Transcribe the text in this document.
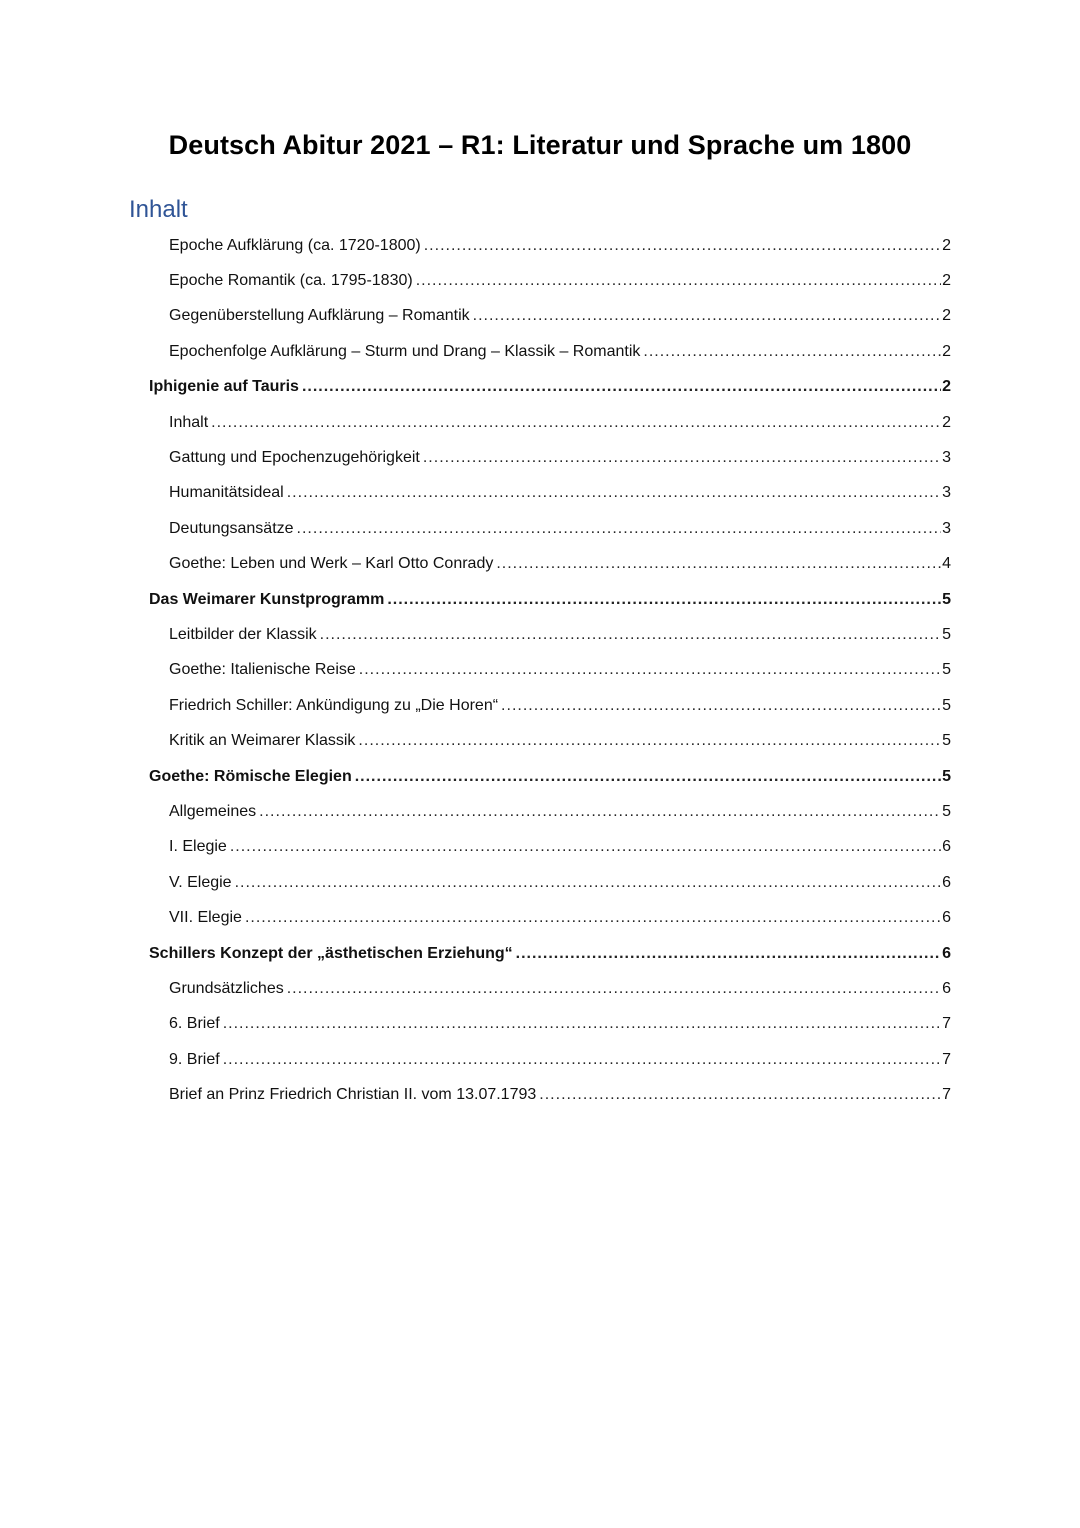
Deutsch Abitur 2021 – R1: Literatur und Sprache um 1800
Inhalt
Epoche Aufklärung (ca. 1720-1800) .....	2
Epoche Romantik (ca. 1795-1830) .....	2
Gegenüberstellung Aufklärung – Romantik .....	2
Epochenfolge Aufklärung – Sturm und Drang – Klassik – Romantik .....	2
Iphigenie auf Tauris .....	2
Inhalt .....	2
Gattung und Epochenzugehörigkeit .....	3
Humanitätsideal .....	3
Deutungsansätze .....	3
Goethe: Leben und Werk – Karl Otto Conrady .....	4
Das Weimarer Kunstprogramm .....	5
Leitbilder der Klassik .....	5
Goethe: Italienische Reise .....	5
Friedrich Schiller: Ankündigung zu „Die Horen“ .....	5
Kritik an Weimarer Klassik .....	5
Goethe: Römische Elegien .....	5
Allgemeines .....	5
I. Elegie .....	6
V. Elegie .....	6
VII. Elegie .....	6
Schillers Konzept der „ästhetischen Erziehung“ .....	6
Grundsätzliches .....	6
6. Brief .....	7
9. Brief .....	7
Brief an Prinz Friedrich Christian II. vom 13.07.1793 .....	7
